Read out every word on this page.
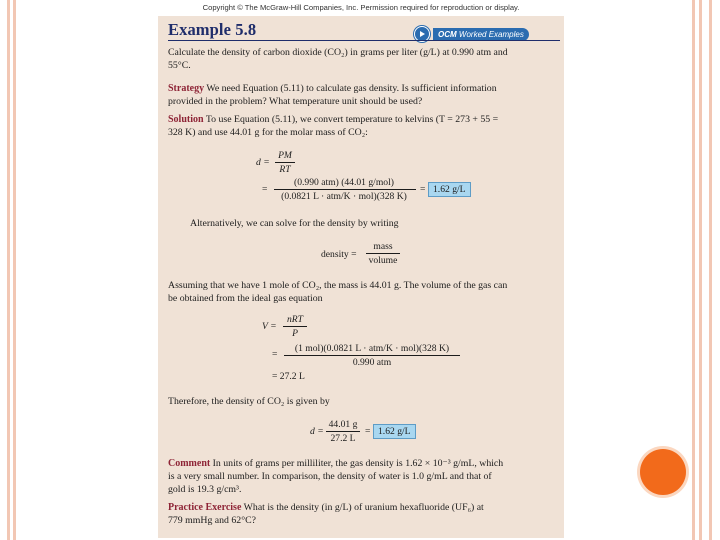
Copyright © The McGraw-Hill Companies, Inc. Permission required for reproduction or display.
Example 5.8	OCM Worked Examples
Calculate the density of carbon dioxide (CO₂) in grams per liter (g/L) at 0.990 atm and
55°C.
Strategy We need Equation (5.11) to calculate gas density. Is sufficient information
provided in the problem? What temperature unit should be used?
Solution To use Equation (5.11), we convert temperature to kelvins (T = 273 + 55 =
328 K) and use 44.01 g for the molar mass of CO₂:
d =
PM
RT
=
(0.990 atm) (44.01 g/mol)
(0.0821 L · atm/K · mol)(328 K)
= 1.62 g/L
Alternatively, we can solve for the density by writing
density =
mass
volume
Assuming that we have 1 mole of CO₂, the mass is 44.01 g. The volume of the gas can
be obtained from the ideal gas equation
V =
nRT
P
=
(1 mol)(0.0821 L · atm/K · mol)(328 K)
0.990 atm
= 27.2 L
Therefore, the density of CO₂ is given by
d =
44.01 g
27.2 L
= 1.62 g/L
Comment In units of grams per milliliter, the gas density is 1.62 × 10⁻³ g/mL, which
is a very small number. In comparison, the density of water is 1.0 g/mL and that of
gold is 19.3 g/cm³.
Practice Exercise What is the density (in g/L) of uranium hexafluoride (UF₆) at
779 mmHg and 62°C?
